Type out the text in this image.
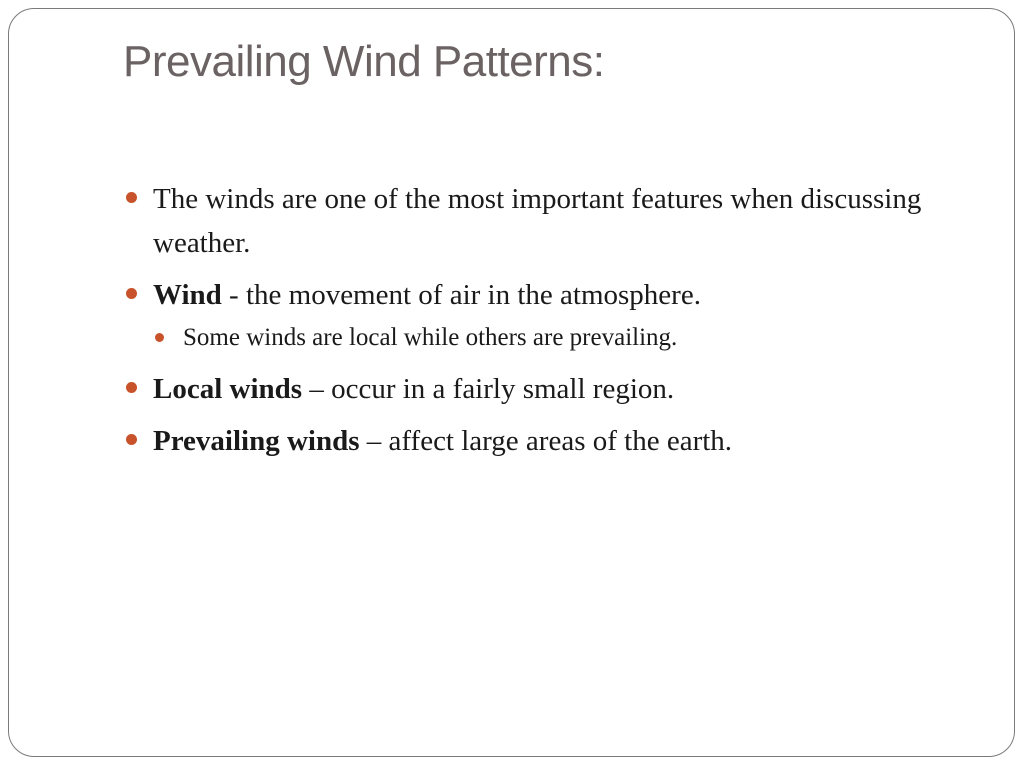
Prevailing Wind Patterns:
The winds are one of the most important features when discussing weather.
Wind - the movement of air in the atmosphere.
Some winds are local while others are prevailing.
Local winds – occur in a fairly small region.
Prevailing winds – affect large areas of the earth.
